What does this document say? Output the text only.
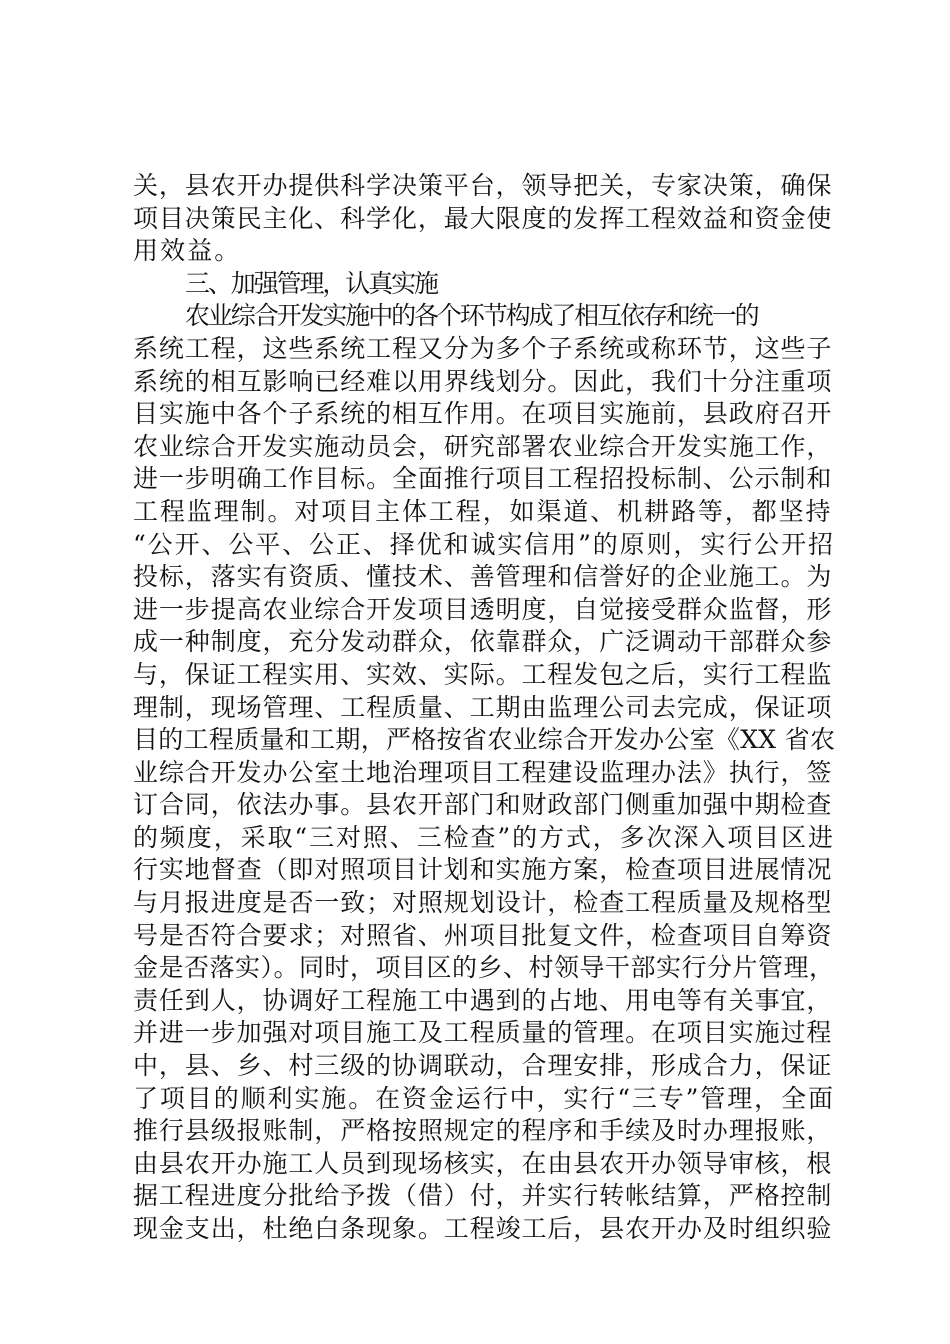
关，县农开办提供科学决策平台，领导把关，专家决策，确保
项目决策民主化、科学化，最大限度的发挥工程效益和资金使
用效益。
三、加强管理，认真实施
农业综合开发实施中的各个环节构成了相互依存和统一的
系统工程，这些系统工程又分为多个子系统或称环节，这些子
系统的相互影响已经难以用界线划分。因此，我们十分注重项
目实施中各个子系统的相互作用。在项目实施前，县政府召开
农业综合开发实施动员会，研究部署农业综合开发实施工作，
进一步明确工作目标。全面推行项目工程招投标制、公示制和
工程监理制。对项目主体工程，如渠道、机耕路等，都坚持
“公开、公平、公正、择优和诚实信用”的原则，实行公开招
投标，落实有资质、懂技术、善管理和信誉好的企业施工。为
进一步提高农业综合开发项目透明度，自觉接受群众监督，形
成一种制度，充分发动群众，依靠群众，广泛调动干部群众参
与，保证工程实用、实效、实际。工程发包之后，实行工程监
理制，现场管理、工程质量、工期由监理公司去完成，保证项
目的工程质量和工期，严格按省农业综合开发办公室《XX 省农
业综合开发办公室土地治理项目工程建设监理办法》执行，签
订合同，依法办事。县农开部门和财政部门侧重加强中期检查
的频度，采取“三对照、三检查”的方式，多次深入项目区进
行实地督查（即对照项目计划和实施方案，检查项目进展情况
与月报进度是否一致；对照规划设计，检查工程质量及规格型
号是否符合要求；对照省、州项目批复文件，检查项目自筹资
金是否落实）。同时，项目区的乡、村领导干部实行分片管理，
责任到人，协调好工程施工中遇到的占地、用电等有关事宜，
并进一步加强对项目施工及工程质量的管理。在项目实施过程
中，县、乡、村三级的协调联动，合理安排，形成合力，保证
了项目的顺利实施。在资金运行中，实行“三专”管理，全面
推行县级报账制，严格按照规定的程序和手续及时办理报账，
由县农开办施工人员到现场核实，在由县农开办领导审核，根
据工程进度分批给予拨（借）付，并实行转帐结算，严格控制
现金支出，杜绝白条现象。工程竣工后，县农开办及时组织验
